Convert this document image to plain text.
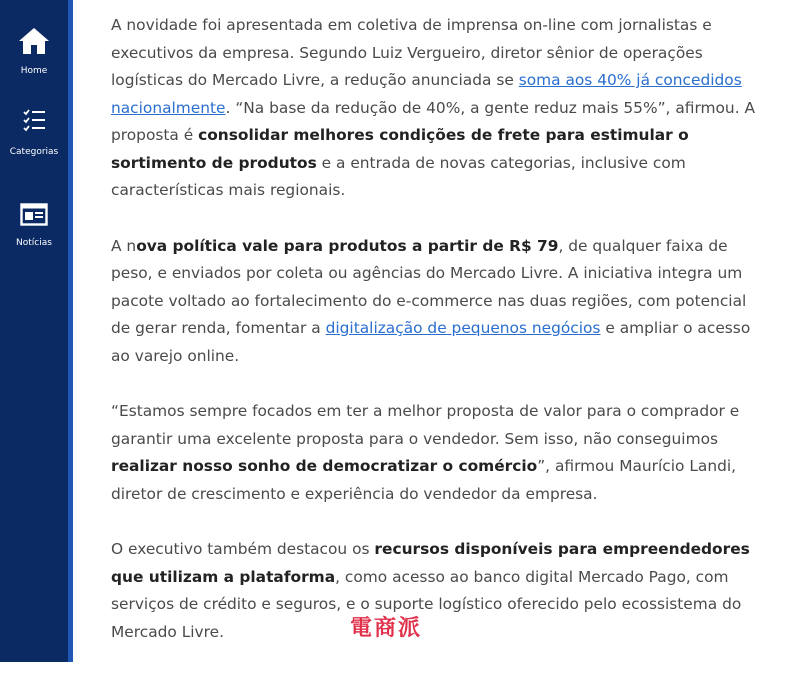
Home
Categorias
Notícias

A novidade foi apresentada em coletiva de imprensa on-line com jornalistas e executivos da empresa. Segundo Luiz Vergueiro, diretor sênior de operações logísticas do Mercado Livre, a redução anunciada se soma aos 40% já concedidos nacionalmente. “Na base da redução de 40%, a gente reduz mais 55%”, afirmou. A proposta é consolidar melhores condições de frete para estimular o sortimento de produtos e a entrada de novas categorias, inclusive com características mais regionais.

A nova política vale para produtos a partir de R$ 79, de qualquer faixa de peso, e enviados por coleta ou agências do Mercado Livre. A iniciativa integra um pacote voltado ao fortalecimento do e-commerce nas duas regiões, com potencial de gerar renda, fomentar a digitalização de pequenos negócios e ampliar o acesso ao varejo online.

“Estamos sempre focados em ter a melhor proposta de valor para o comprador e garantir uma excelente proposta para o vendedor. Sem isso, não conseguimos realizar nosso sonho de democratizar o comércio”, afirmou Maurício Landi, diretor de crescimento e experiência do vendedor da empresa.

O executivo também destacou os recursos disponíveis para empreendedores que utilizam a plataforma, como acesso ao banco digital Mercado Pago, com serviços de crédito e seguros, e o suporte logístico oferecido pelo ecossistema do Mercado Livre.	電商派
